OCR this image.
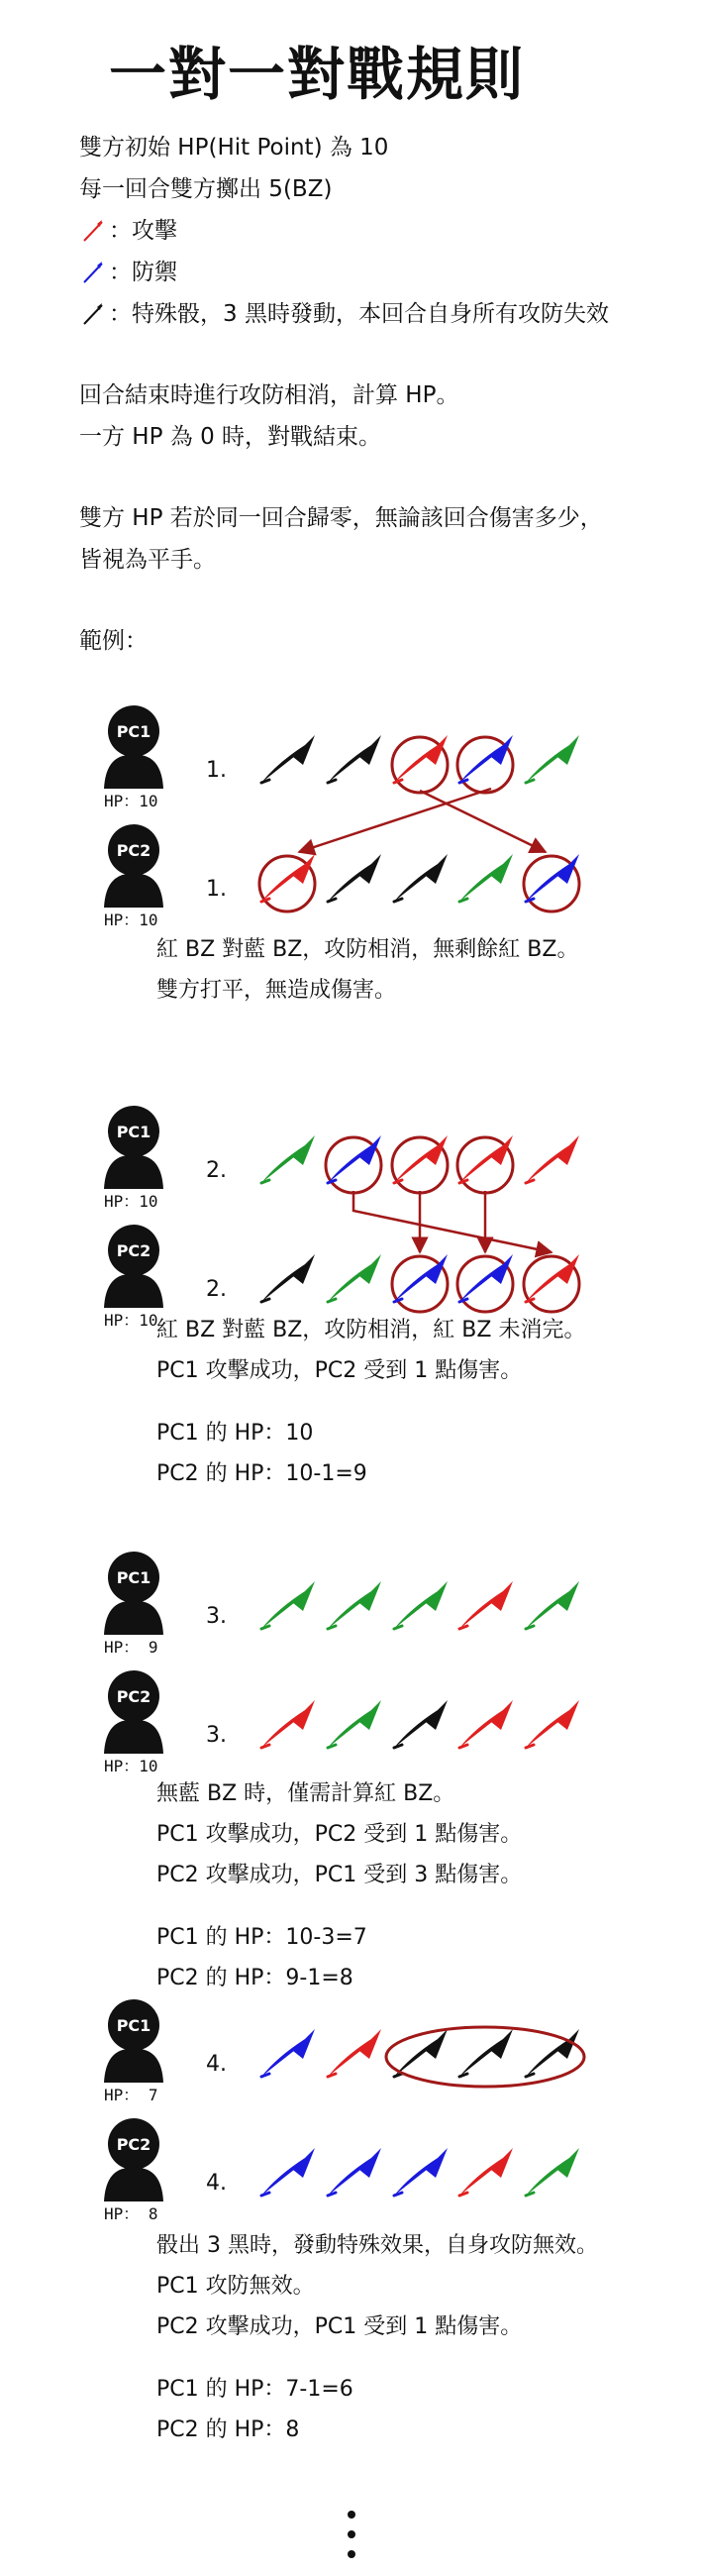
一對一對戰規則
雙方初始 HP(Hit Point) 為 10
每一回合雙方擲出 5(BZ)
：攻擊
：防禦
：特殊骰，3 黑時發動，本回合自身所有攻防失效
回合結束時進行攻防相消，計算 HP。
一方 HP 為 0 時，對戰結束。
雙方 HP 若於同一回合歸零，無論該回合傷害多少，
皆視為平手。
範例：
PC1
HP：10
1.
PC2
HP：10
1.
PC1
HP：10
2.
PC2
HP：10
2.
PC1
HP： 9
3.
PC2
HP：10
3.
PC1
HP： 7
4.
PC2
HP： 8
4.
紅 BZ 對藍 BZ，攻防相消，無剩餘紅 BZ。
雙方打平，無造成傷害。
紅 BZ 對藍 BZ，攻防相消，紅 BZ 未消完。
PC1 攻擊成功，PC2 受到 1 點傷害。
PC1 的 HP：10
PC2 的 HP：10-1=9
無藍 BZ 時，僅需計算紅 BZ。
PC1 攻擊成功，PC2 受到 1 點傷害。
PC2 攻擊成功，PC1 受到 3 點傷害。
PC1 的 HP：10-3=7
PC2 的 HP：9-1=8
骰出 3 黑時，發動特殊效果，自身攻防無效。
PC1 攻防無效。
PC2 攻擊成功，PC1 受到 1 點傷害。
PC1 的 HP：7-1=6
PC2 的 HP：8
